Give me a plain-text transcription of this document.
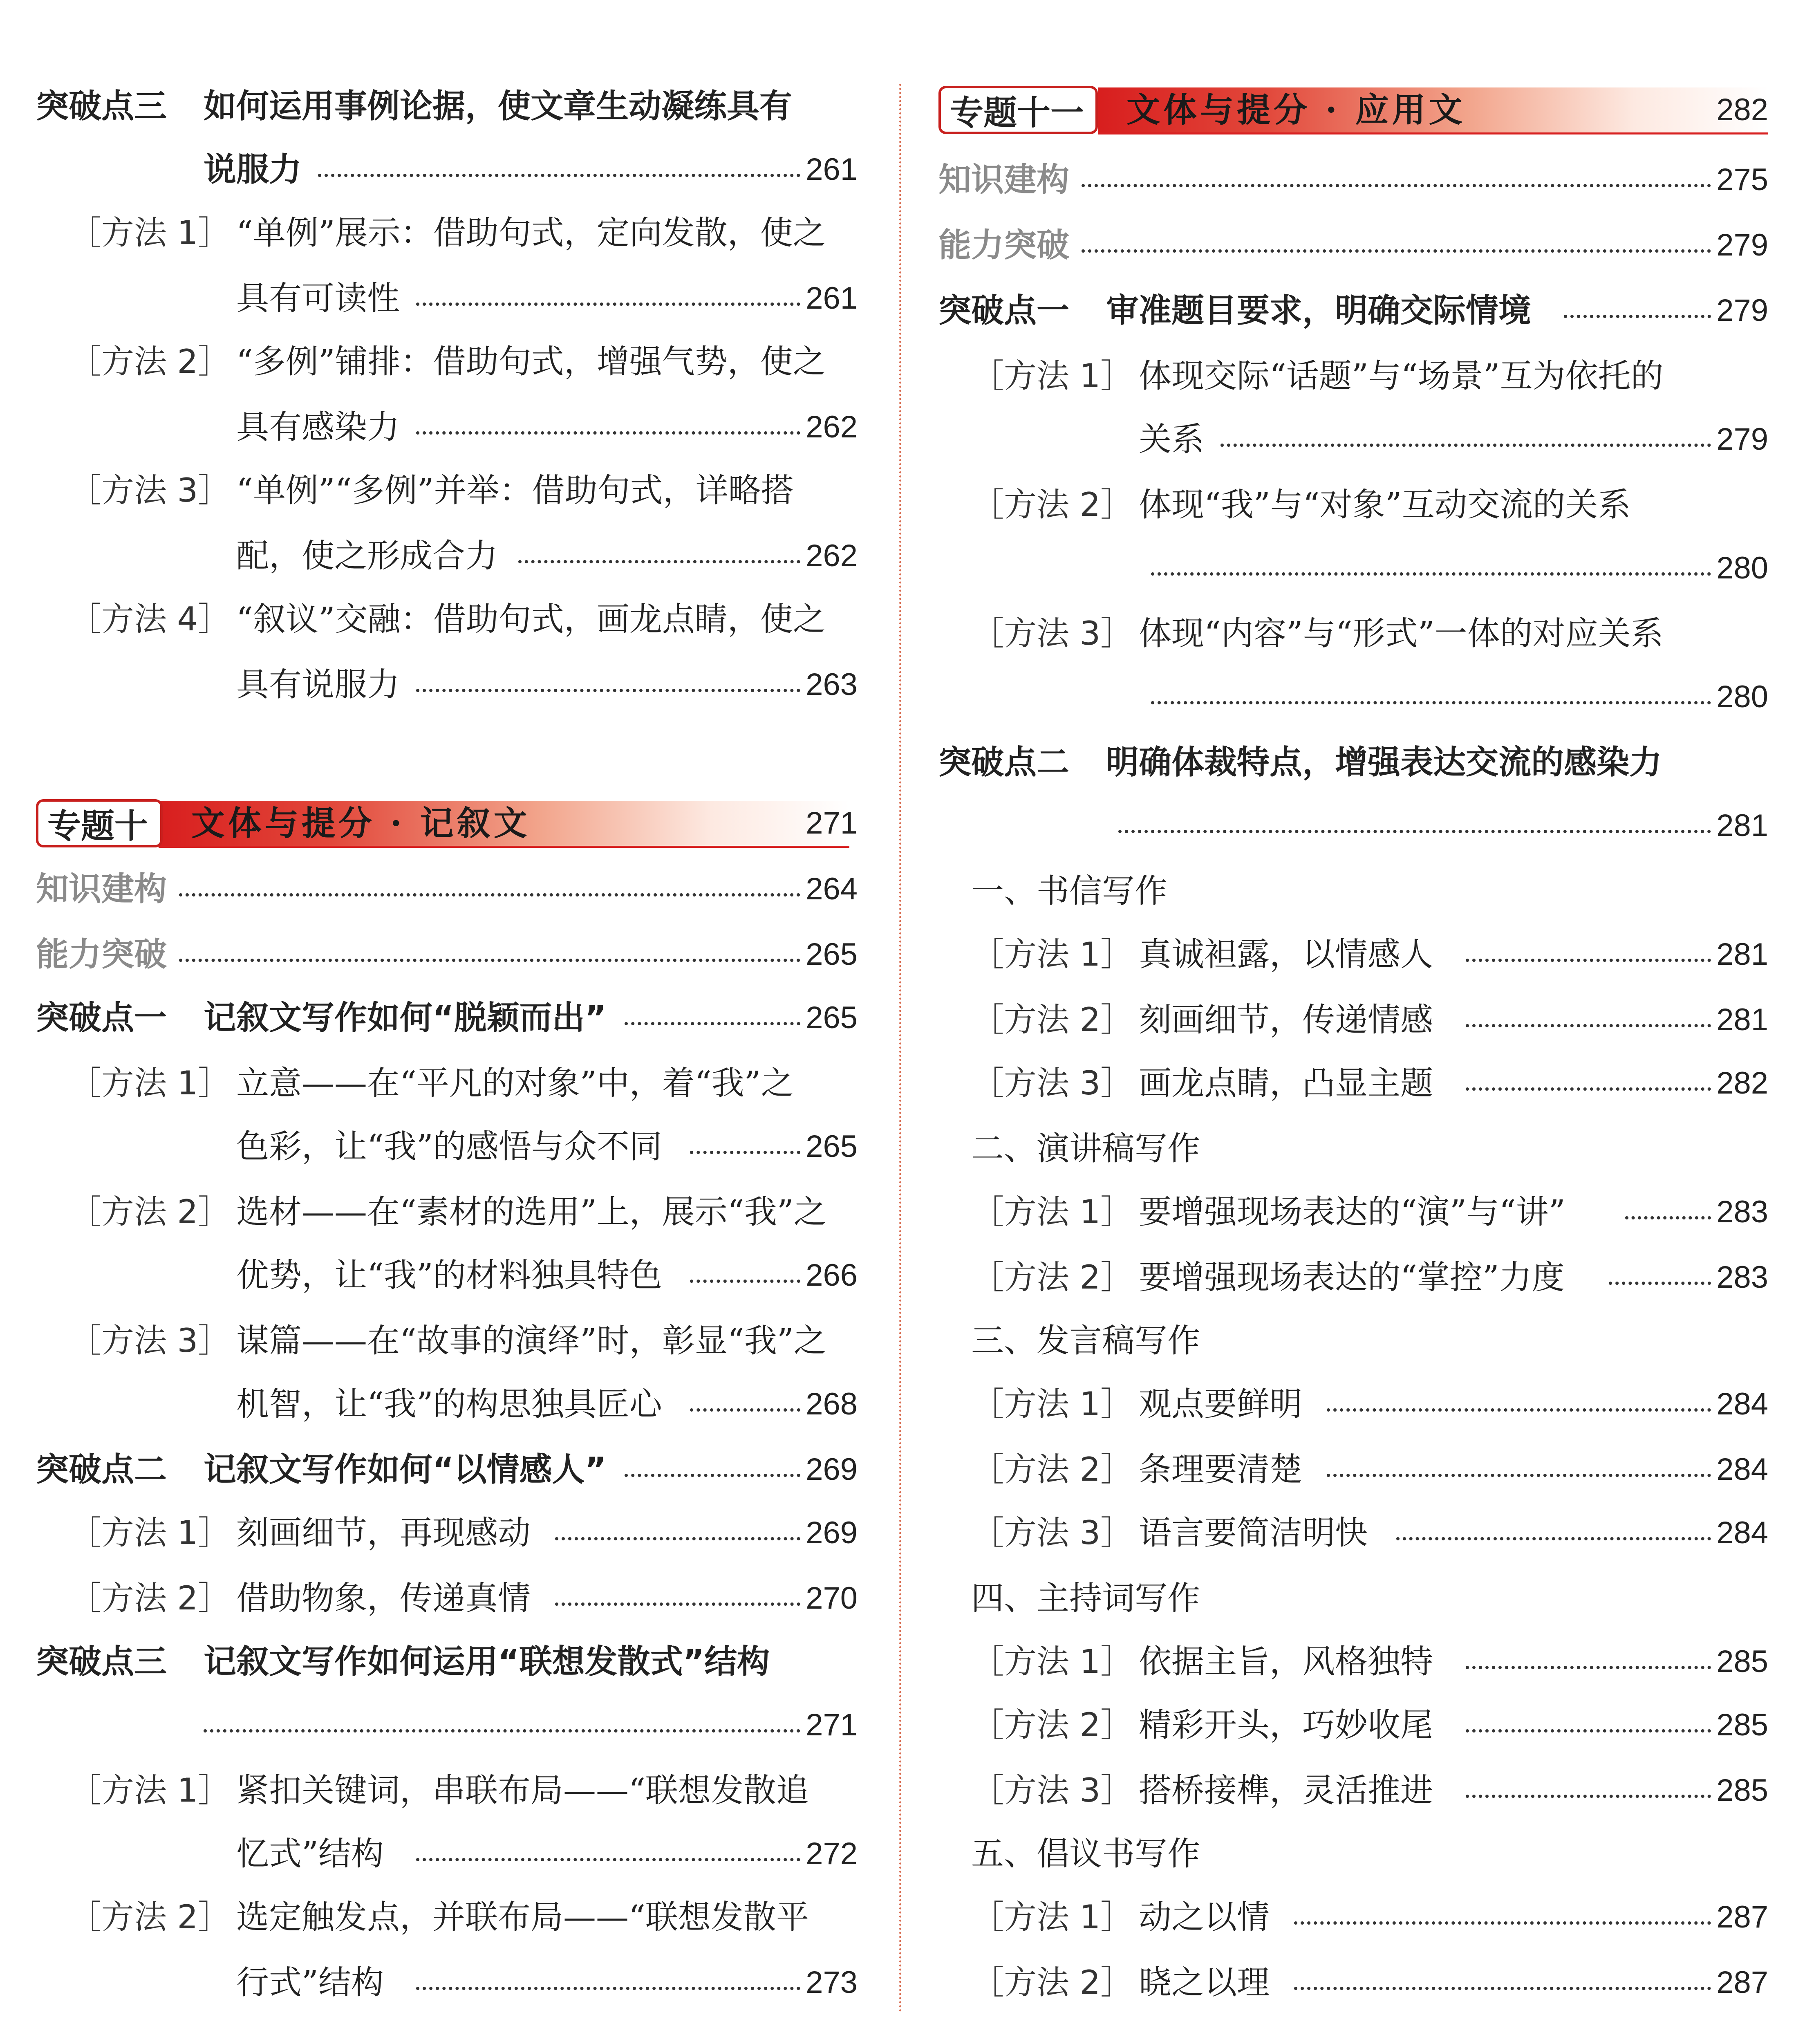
突破点三 如何运用事例论据，使文章生动凝练具有
说服力	261
［方法 1］ “单例”展示：借助句式，定向发散，使之
具有可读性	261
［方法 2］ “多例”铺排：借助句式，增强气势，使之
具有感染力	262
［方法 3］ “单例”“多例”并举：借助句式，详略搭
配，使之形成合力	262
［方法 4］ “叙议”交融：借助句式，画龙点睛，使之
具有说服力	263
专题十	文体与提分 · 记叙文	271
知识建构	264
能力突破	265
突破点一 记叙文写作如何“脱颖而出”	265
［方法 1］ 立意——在“平凡的对象”中，着“我”之
色彩，让“我”的感悟与众不同	265
［方法 2］ 选材——在“素材的选用”上，展示“我”之
优势，让“我”的材料独具特色	266
［方法 3］ 谋篇——在“故事的演绎”时，彰显“我”之
机智，让“我”的构思独具匠心	268
突破点二 记叙文写作如何“以情感人”	269
［方法 1］ 刻画细节，再现感动	269
［方法 2］ 借助物象，传递真情	270
突破点三 记叙文写作如何运用“联想发散式”结构
271
［方法 1］ 紧扣关键词，串联布局——“联想发散追
忆式”结构	272
［方法 2］ 选定触发点，并联布局——“联想发散平
行式”结构	273
专题十一	文体与提分 · 应用文	282
知识建构	275
能力突破	279
突破点一 审准题目要求，明确交际情境	279
［方法 1］ 体现交际“话题”与“场景”互为依托的
关系	279
［方法 2］ 体现“我”与“对象”互动交流的关系
280
［方法 3］ 体现“内容”与“形式”一体的对应关系
280
突破点二 明确体裁特点，增强表达交流的感染力
281
一、书信写作
［方法 1］ 真诚袒露，以情感人	281
［方法 2］ 刻画细节，传递情感	281
［方法 3］ 画龙点睛，凸显主题	282
二、演讲稿写作
［方法 1］ 要增强现场表达的“演”与“讲”	283
［方法 2］ 要增强现场表达的“掌控”力度	283
三、发言稿写作
［方法 1］ 观点要鲜明	284
［方法 2］ 条理要清楚	284
［方法 3］ 语言要简洁明快	284
四、主持词写作
［方法 1］ 依据主旨，风格独特	285
［方法 2］ 精彩开头，巧妙收尾	285
［方法 3］ 搭桥接榫，灵活推进	285
五、倡议书写作
［方法 1］ 动之以情	287
［方法 2］ 晓之以理	287
